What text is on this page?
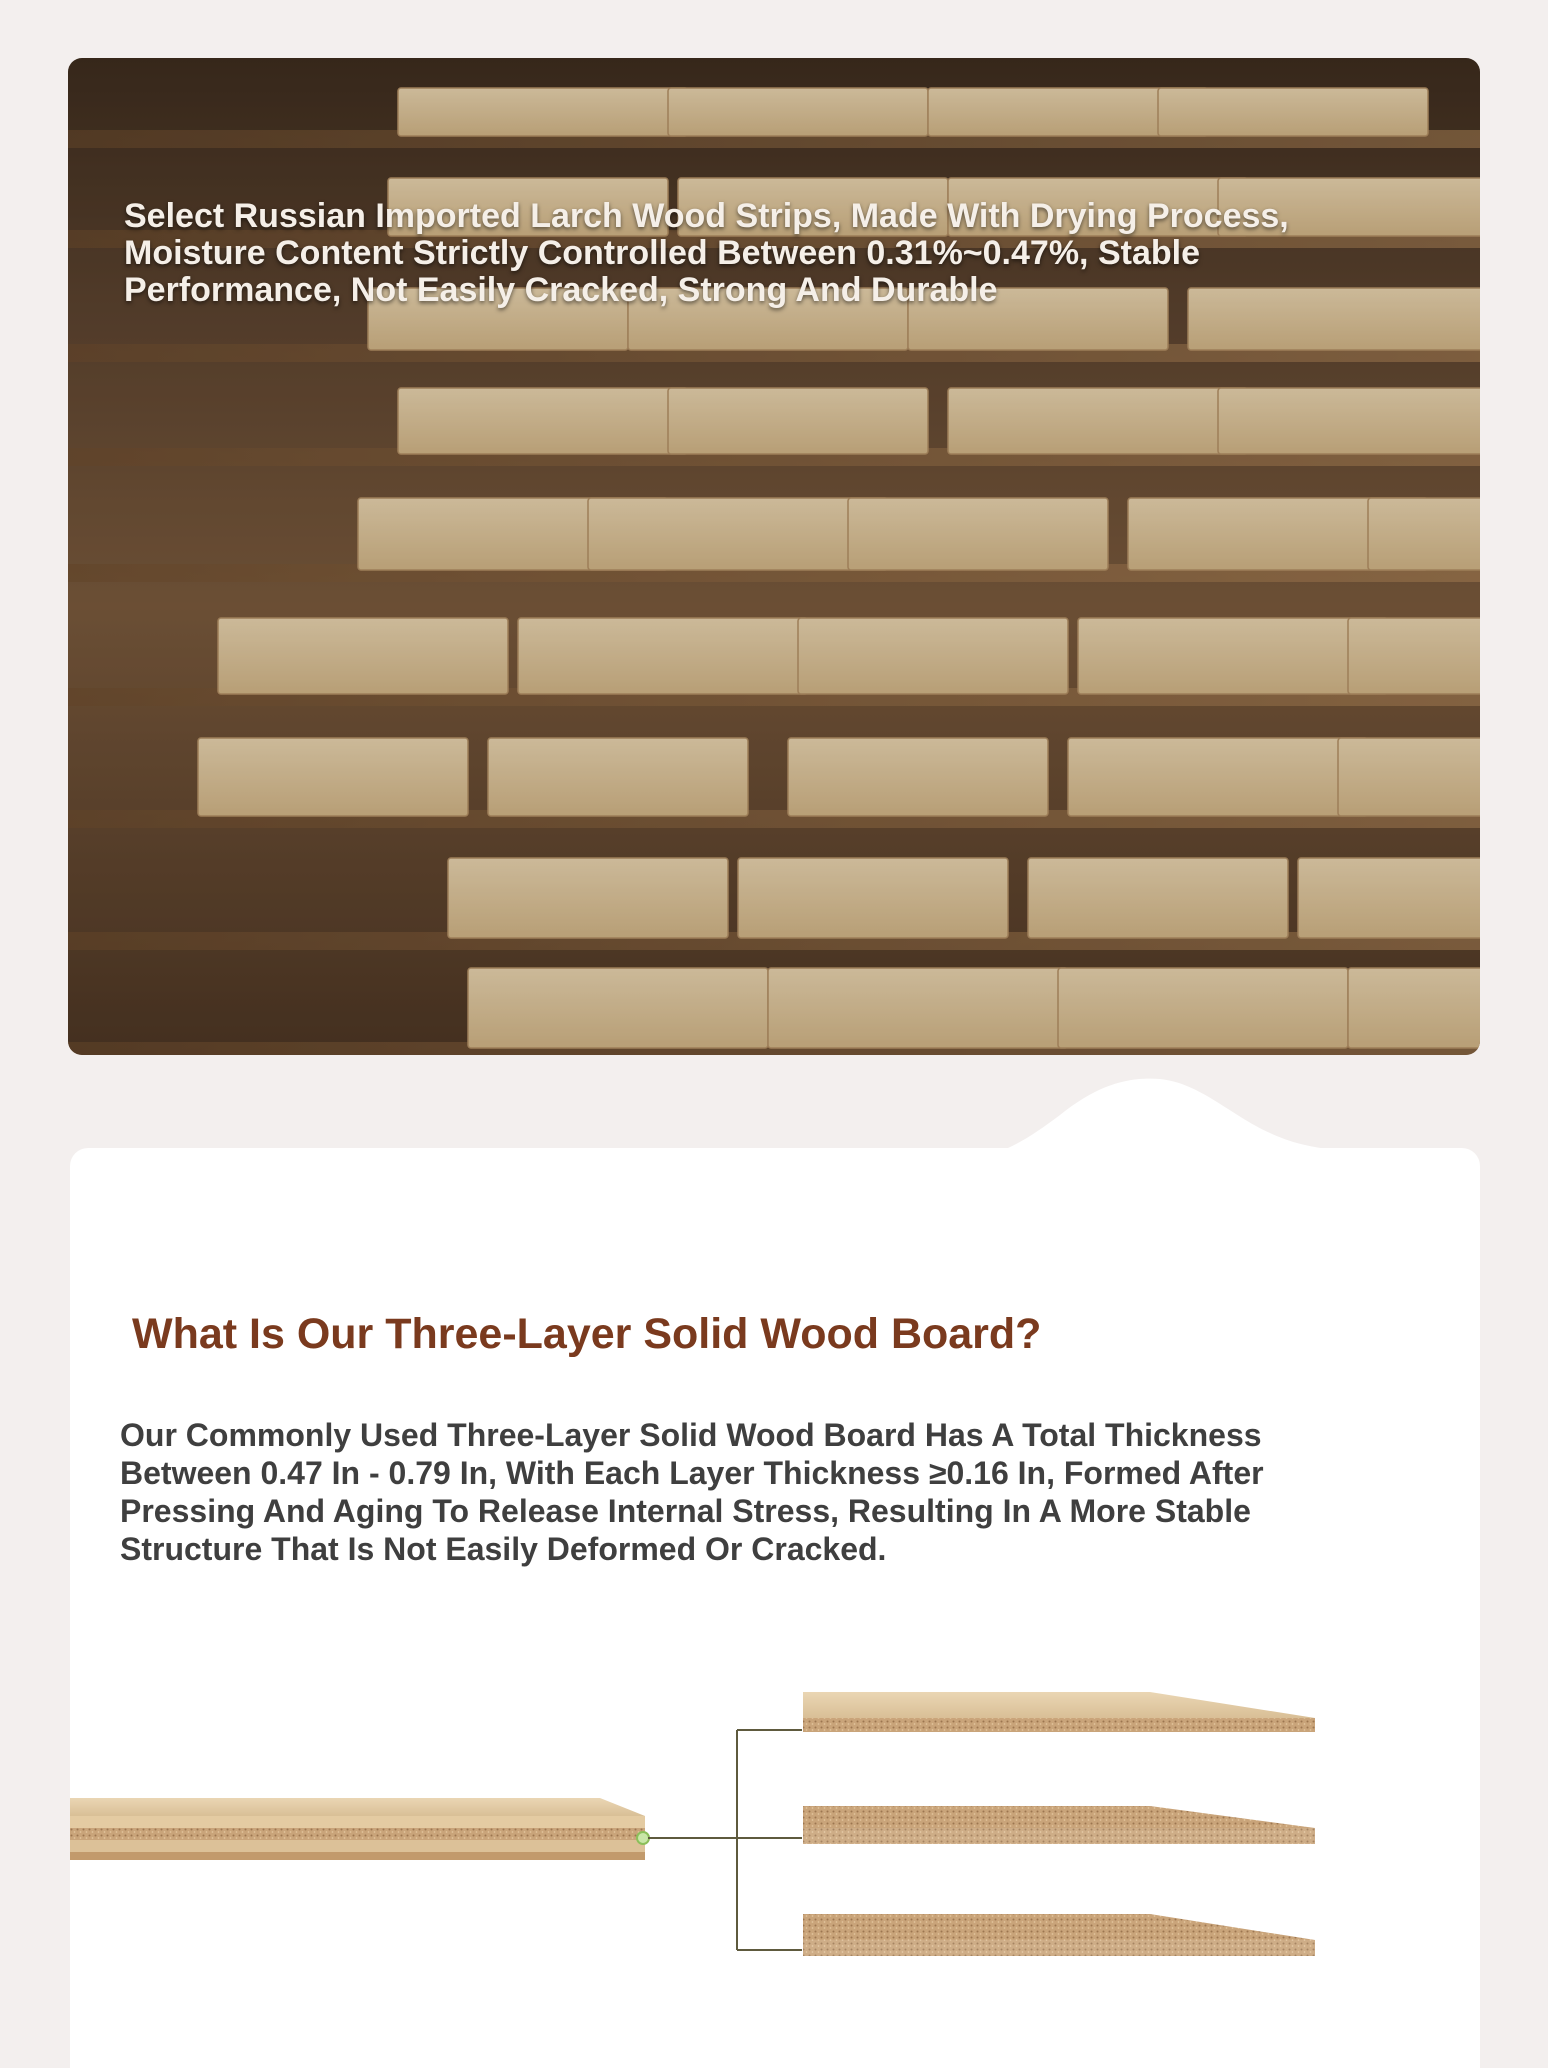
Select Russian Imported Larch Wood Strips, Made With Drying Process, Moisture Content Strictly Controlled Between 0.31%~0.47%, Stable Performance, Not Easily Cracked, Strong And Durable

What Is Our Three-Layer Solid Wood Board?

Our Commonly Used Three-Layer Solid Wood Board Has A Total Thickness Between 0.47 In - 0.79 In, With Each Layer Thickness ≥0.16 In, Formed After Pressing And Aging To Release Internal Stress, Resulting In A More Stable Structure That Is Not Easily Deformed Or Cracked.
